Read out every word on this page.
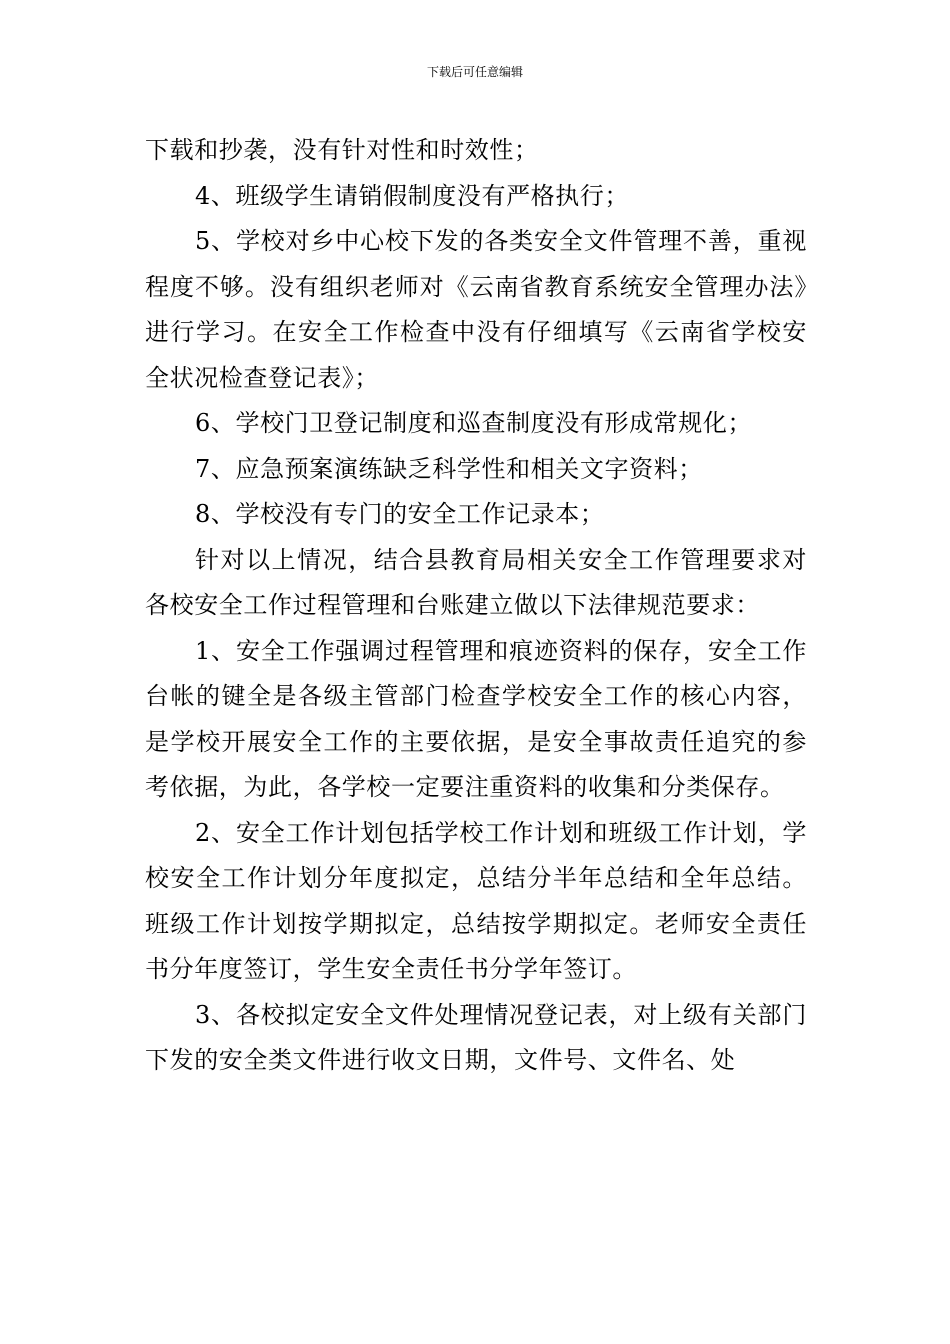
下载后可任意编辑

下载和抄袭，没有针对性和时效性；

4、班级学生请销假制度没有严格执行；

5、学校对乡中心校下发的各类安全文件管理不善，重视程度不够。没有组织老师对《云南省教育系统安全管理办法》进行学习。在安全工作检查中没有仔细填写《云南省学校安全状况检查登记表》；

6、学校门卫登记制度和巡查制度没有形成常规化；

7、应急预案演练缺乏科学性和相关文字资料；

8、学校没有专门的安全工作记录本；

针对以上情况，结合县教育局相关安全工作管理要求对各校安全工作过程管理和台账建立做以下法律规范要求：

1、安全工作强调过程管理和痕迹资料的保存，安全工作台帐的键全是各级主管部门检查学校安全工作的核心内容，是学校开展安全工作的主要依据，是安全事故责任追究的参考依据，为此，各学校一定要注重资料的收集和分类保存。

2、安全工作计划包括学校工作计划和班级工作计划，学校安全工作计划分年度拟定，总结分半年总结和全年总结。班级工作计划按学期拟定，总结按学期拟定。老师安全责任书分年度签订，学生安全责任书分学年签订。

3、各校拟定安全文件处理情况登记表，对上级有关部门下发的安全类文件进行收文日期，文件号、文件名、处
